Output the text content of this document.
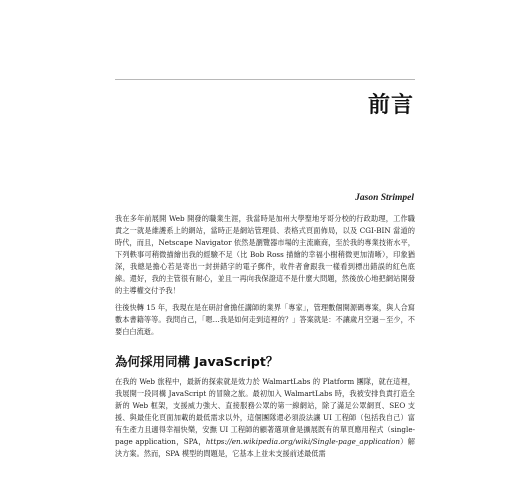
前言
Jason Strimpel

我在多年前展開 Web 開發的職業生涯，我當時是加州大學聖地牙哥分校的行政助理，工作職責之一就是維護系上的網站，當時正是網站管理員、表格式頁面佈局，以及 CGI-BIN 當道的時代，而且，Netscape Navigator 依然是瀏覽器市場的主流廠商，至於我的專業技術水平，下列軼事可稍微描繪出我的經驗不足（比 Bob Ross 描繪的幸福小樹稍微更加清晰），印象猶深，我總是擔心若是寄出一封拼錯字的電子郵件，收件者會跟我一樣看到標出錯誤的紅色底線。還好，我的主管很有耐心，並且一再向我保證這不是什麼大問題，然後放心地把網站開發的主導權交付予我！

往後快轉 15 年，我現在是在研討會擔任講師的業界「專家」，管理數個開源碼專案，與人合寫數本書籍等等。我問自己，「嗯…我是如何走到這裡的？」答案就是：不讓歲月空過－至少，不要白白流逝。

為何採用同構 JavaScript？

在我的 Web 旅程中，最新的探索就是效力於 WalmartLabs 的 Platform 團隊，就在這裡，我展開一段同構 JavaScript 的冒險之旅。最初加入 WalmartLabs 時，我被安排負責打造全新的 Web 框架，支援威力強大、直接服務公眾的第一線網站，除了滿足公眾網頁、SEO 支援、與最佳化頁面加載的最低需求以外，這個團隊還必須設法讓 UI 工程師（包括我自己）富有生產力且適得幸福快樂，安撫 UI 工程師的顧著選項會是擴展既有的單頁應用程式（single-page application，SPA，https://en.wikipedia.org/wiki/Single-page_application）解決方案。然而，SPA 模型的問題是，它基本上並未支援前述最低需
